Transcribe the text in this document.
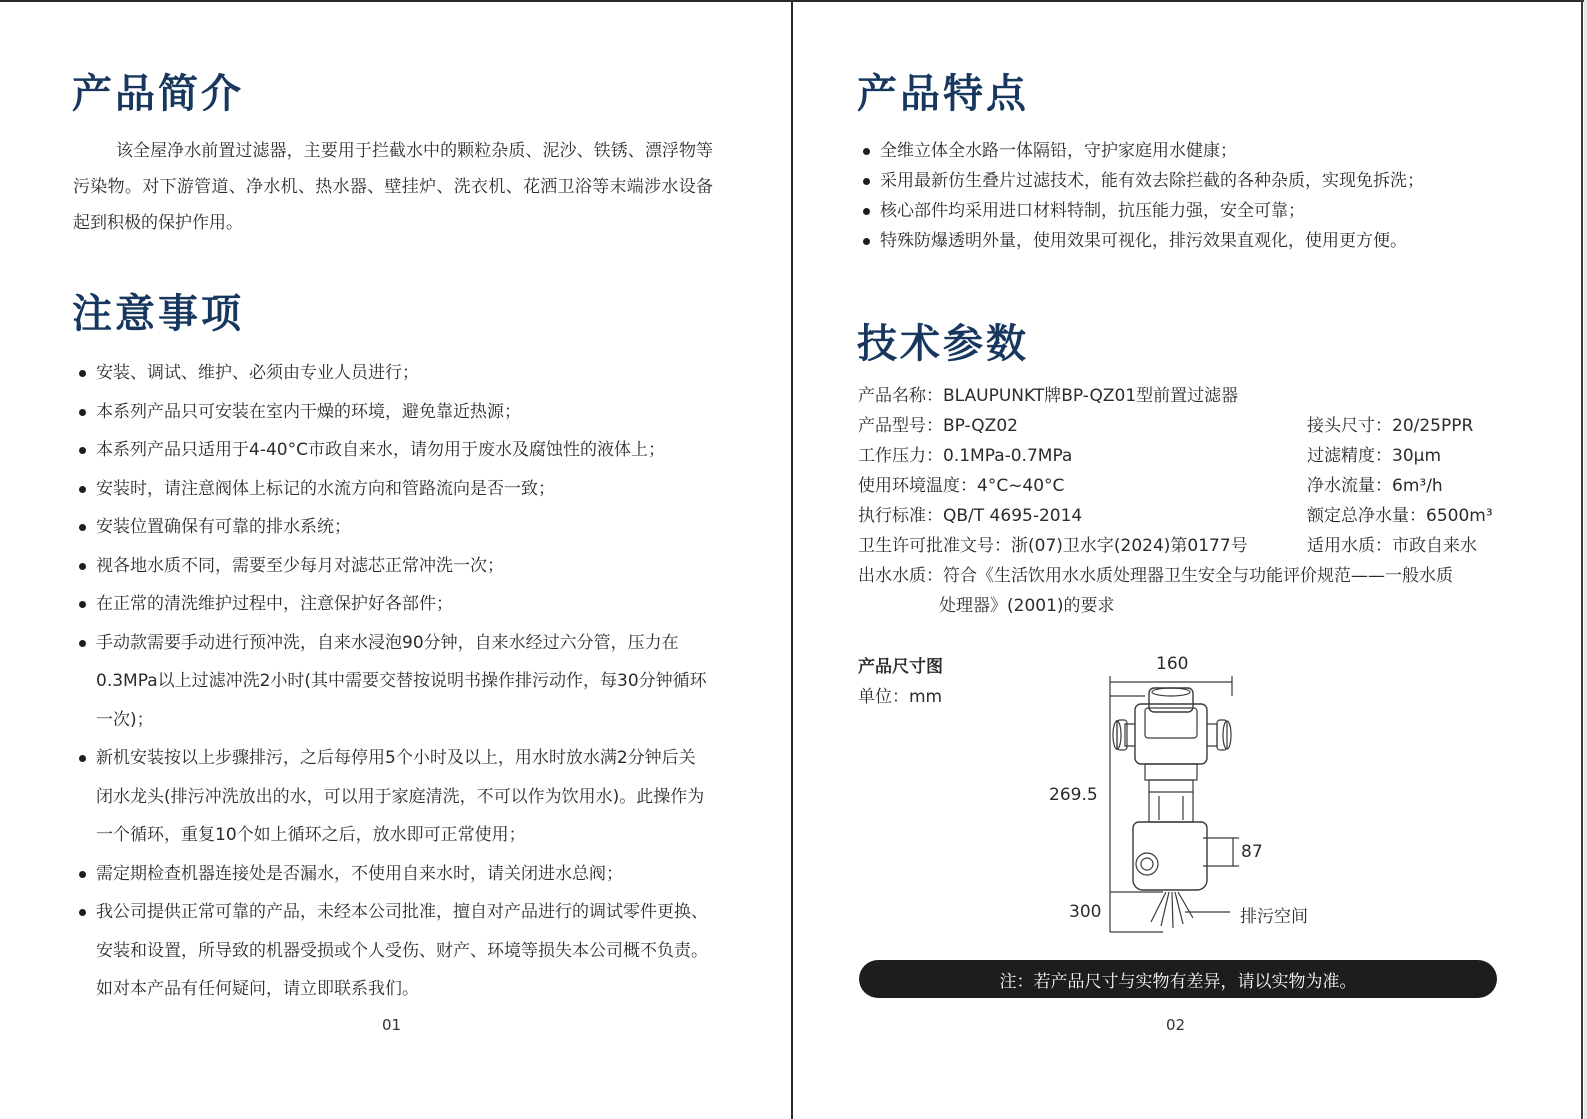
产品简介

该全屋净水前置过滤器，主要用于拦截水中的颗粒杂质、泥沙、铁锈、漂浮物等污染物。对下游管道、净水机、热水器、壁挂炉、洗衣机、花洒卫浴等末端涉水设备起到积极的保护作用。

注意事项
安装、调试、维护、必须由专业人员进行；
本系列产品只可安装在室内干燥的环境，避免靠近热源；
本系列产品只适用于4-40°C市政自来水，请勿用于废水及腐蚀性的液体上；
安装时，请注意阀体上标记的水流方向和管路流向是否一致；
安装位置确保有可靠的排水系统；
视各地水质不同，需要至少每月对滤芯正常冲洗一次；
在正常的清洗维护过程中，注意保护好各部件；
手动款需要手动进行预冲洗，自来水浸泡90分钟，自来水经过六分管，压力在0.3MPa以上过滤冲洗2小时(其中需要交替按说明书操作排污动作，每30分钟循环一次)；
新机安装按以上步骤排污，之后每停用5个小时及以上，用水时放水满2分钟后关闭水龙头(排污冲洗放出的水，可以用于家庭清洗，不可以作为饮用水)。此操作为一个循环，重复10个如上循环之后，放水即可正常使用；
需定期检查机器连接处是否漏水，不使用自来水时，请关闭进水总阀；
我公司提供正常可靠的产品，未经本公司批准，擅自对产品进行的调试零件更换、安装和设置，所导致的机器受损或个人受伤、财产、环境等损失本公司概不负责。如对本产品有任何疑问，请立即联系我们。
01
产品特点
全维立体全水路一体隔铅，守护家庭用水健康；
采用最新仿生叠片过滤技术，能有效去除拦截的各种杂质，实现免拆洗；
核心部件均采用进口材料特制，抗压能力强，安全可靠；
特殊防爆透明外量，使用效果可视化，排污效果直观化，使用更方便。
技术参数
产品名称：BLAUPUNKT牌BP-QZ01型前置过滤器
产品型号：BP-QZ02	接头尺寸：20/25PPR
工作压力：0.1MPa-0.7MPa	过滤精度：30μm
使用环境温度：4°C~40°C	净水流量：6m³/h
执行标准：QB/T 4695-2014	额定总净水量：6500m³
卫生许可批准文号：浙(07)卫水字(2024)第0177号	适用水质：市政自来水
出水水质：符合《生活饮用水水质处理器卫生安全与功能评价规范——一般水质
处理器》(2001)的要求
产品尺寸图
单位：mm
160
269.5
87
300	排污空间
注：若产品尺寸与实物有差异，请以实物为准。
02
